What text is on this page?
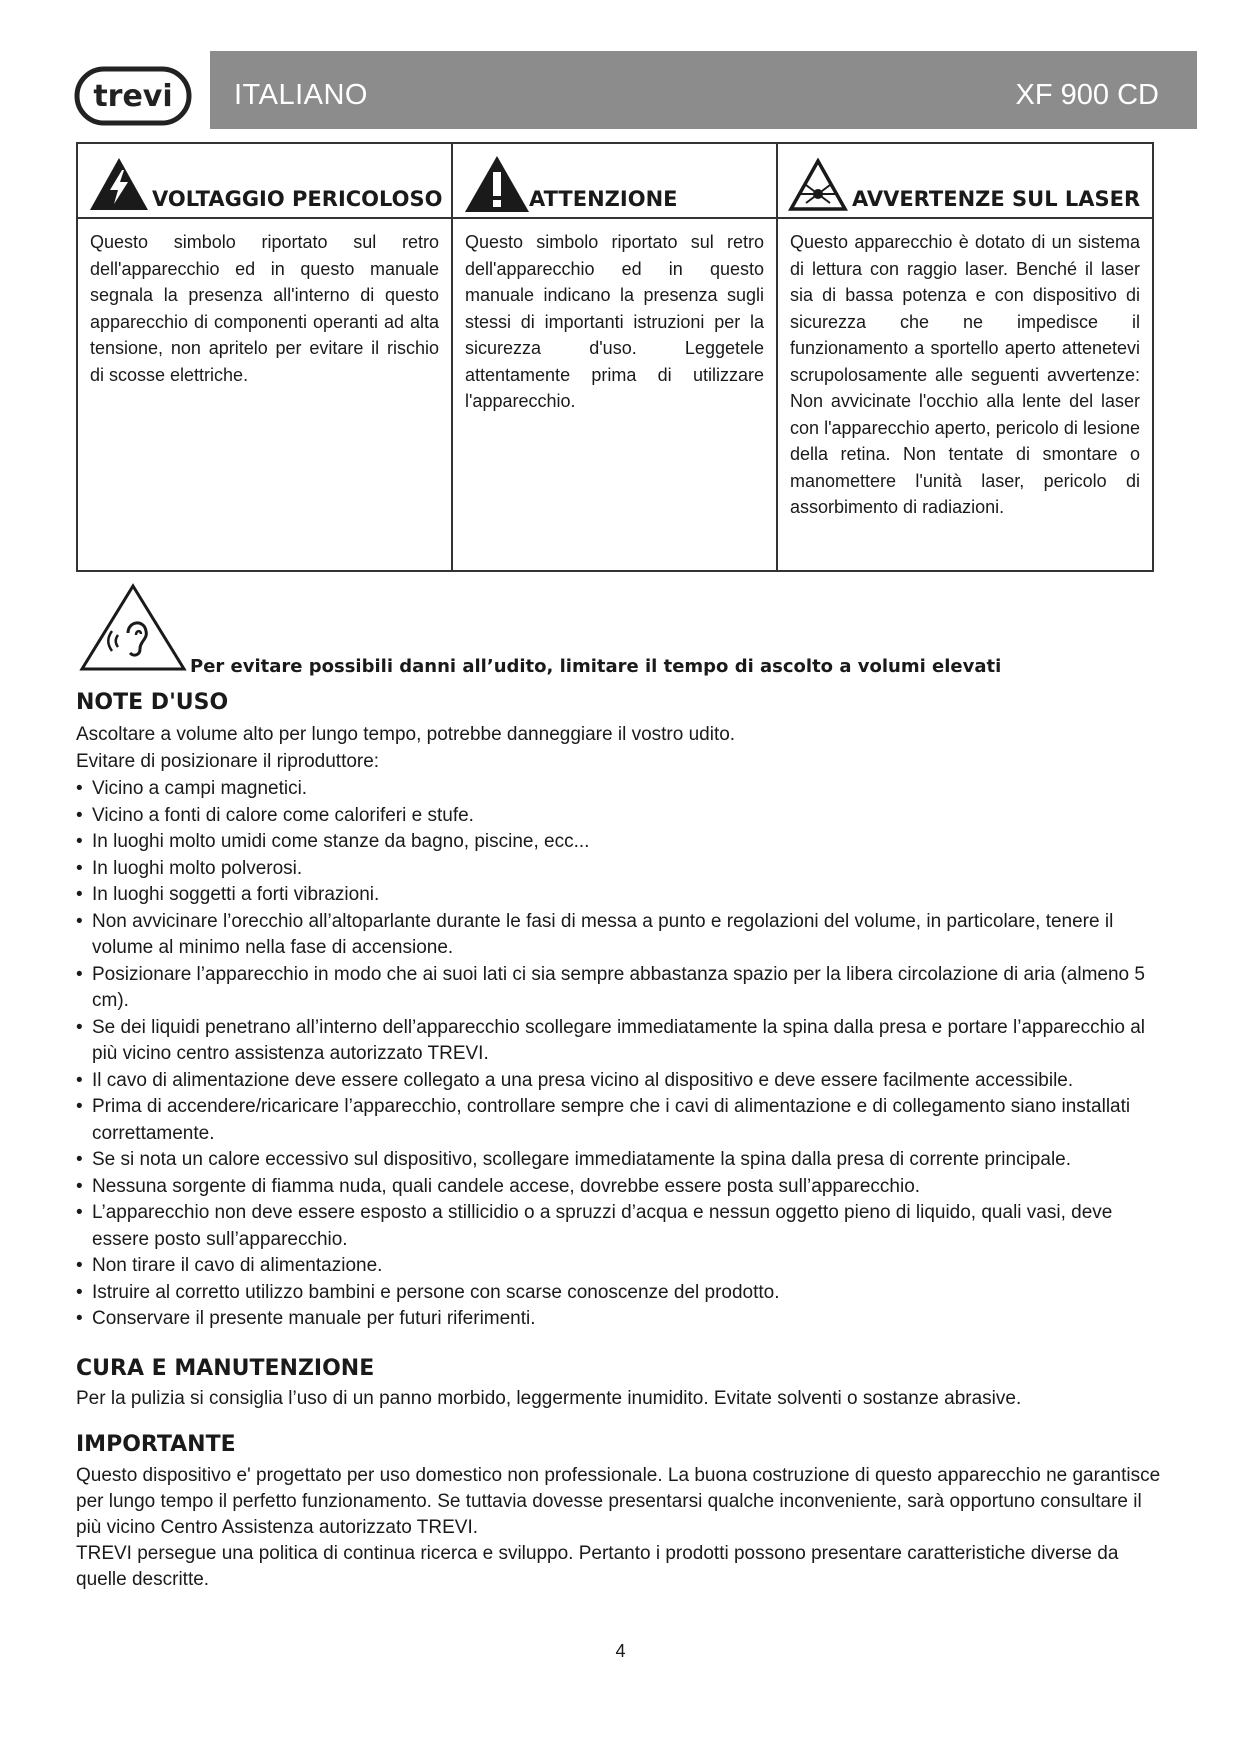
trevi ITALIANO	XF 900 CD
VOLTAGGIO PERICOLOSO
Questo simbolo riportato sul retro dell'apparecchio ed in questo manuale segnala la presenza all'interno di questo apparecchio di componenti operanti ad alta tensione, non apritelo per evitare il rischio di scosse elettriche.
ATTENZIONE
Questo simbolo riportato sul retro dell'apparecchio ed in questo manuale indicano la presenza sugli stessi di importanti istruzioni per la sicurezza d'uso. Leggetele attentamente prima di utilizzare l'apparecchio.
AVVERTENZE SUL LASER
Questo apparecchio è dotato di un sistema di lettura con raggio laser. Benché il laser sia di bassa potenza e con dispositivo di sicurezza che ne impedisce il funzionamento a sportello aperto attenetevi scrupolosamente alle seguenti avvertenze: Non avvicinate l'occhio alla lente del laser con l'apparecchio aperto, pericolo di lesione della retina. Non tentate di smontare o manomettere l'unità laser, pericolo di assorbimento di radiazioni.
Per evitare possibili danni all’udito, limitare il tempo di ascolto a volumi elevati
NOTE D'USO
Ascoltare a volume alto per lungo tempo, potrebbe danneggiare il vostro udito.
Evitare di posizionare il riproduttore:
• Vicino a campi magnetici.
• Vicino a fonti di calore come caloriferi e stufe.
• In luoghi molto umidi come stanze da bagno, piscine, ecc...
• In luoghi molto polverosi.
• In luoghi soggetti a forti vibrazioni.
• Non avvicinare l’orecchio all’altoparlante durante le fasi di messa a punto e regolazioni del volume, in particolare, tenere il volume al minimo nella fase di accensione.
• Posizionare l’apparecchio in modo che ai suoi lati ci sia sempre abbastanza spazio per la libera circolazione di aria (almeno 5 cm).
• Se dei liquidi penetrano all’interno dell’apparecchio scollegare immediatamente la spina dalla presa e portare l’apparecchio al più vicino centro assistenza autorizzato TREVI.
• Il cavo di alimentazione deve essere collegato a una presa vicino al dispositivo e deve essere facilmente accessibile.
• Prima di accendere/ricaricare l’apparecchio, controllare sempre che i cavi di alimentazione e di collegamento siano installati correttamente.
• Se si nota un calore eccessivo sul dispositivo, scollegare immediatamente la spina dalla presa di corrente principale.
• Nessuna sorgente di fiamma nuda, quali candele accese, dovrebbe essere posta sull’apparecchio.
• L’apparecchio non deve essere esposto a stillicidio o a spruzzi d’acqua e nessun oggetto pieno di liquido, quali vasi, deve essere posto sull’apparecchio.
• Non tirare il cavo di alimentazione.
• Istruire al corretto utilizzo bambini e persone con scarse conoscenze del prodotto.
• Conservare il presente manuale per futuri riferimenti.
CURA E MANUTENZIONE
Per la pulizia si consiglia l’uso di un panno morbido, leggermente inumidito. Evitate solventi o sostanze abrasive.
IMPORTANTE
Questo dispositivo e' progettato per uso domestico non professionale. La buona costruzione di questo apparecchio ne garantisce per lungo tempo il perfetto funzionamento. Se tuttavia dovesse presentarsi qualche inconveniente, sarà opportuno consultare il più vicino Centro Assistenza autorizzato TREVI.
TREVI persegue una politica di continua ricerca e sviluppo. Pertanto i prodotti possono presentare caratteristiche diverse da quelle descritte.
4
